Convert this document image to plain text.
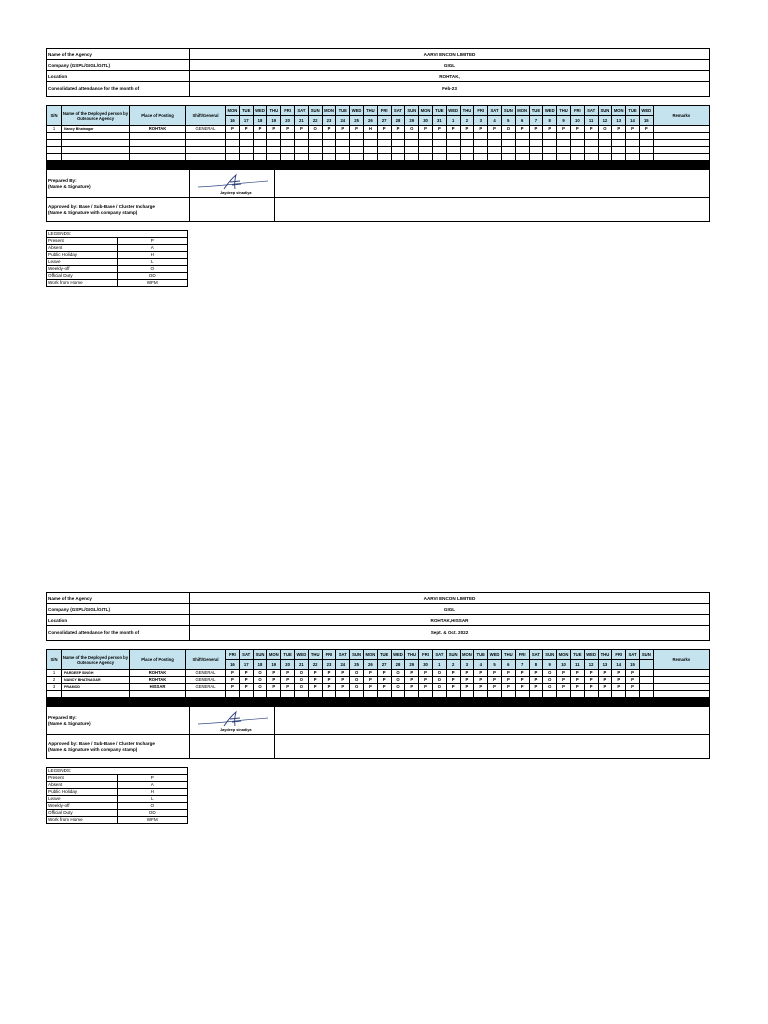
Name of the Agency	AARVI ENCON LIMITED
Company (GSPL/GIGL/GITL)	GIGL
Location	ROHTAK,
Consolidated attendance for the month of	Feb-23
S/N	Name of the Deployed person by Outsource Agency	Place of Posting	Shift/General	MON	TUE	WED	THU	FRI	SAT	SUN	MON	TUE	WED	THU	FRI	SAT	SUN	MON	TUE	WED	THU	FRI	SAT	SUN	MON	TUE	WED	THU	FRI	SAT	SUN	MON	TUE	WED	Remarks
				16	17	18	19	20	21	22	23	24	25	26	27	28	29	30	31	1	2	3	4	5	6	7	8	9	10	11	12	13	14	15	
1	Nancy Bhatnagar	ROHTAK	GENERAL	P	P	P	P	P	P	O	P	P	P	H	P	P	O	P	P	P	P	P	P	O	P	P	P	P	P	P	O	P	P	P	

Prepared By:
(Name & Signature)	Jaydeep sinadiya	

Approved by: Base / Sub-Base / Cluster Incharge
(Name & Signature with company stamp)		
LEGENDS:	
Present	P
Absent	A
Public Holiday	H
Leave	L
Weekly-off	O
Official Duty	OD
Work from Home	WFM
Name of the Agency	AARVI ENCON LIMITED
Company (GSPL/GIGL/GITL)	GIGL
Location	ROHTAK,HISSAR
Consolidated attendance for the month of	Sept. & Oct. 2022
S/N	Name of the Deployed person by Outsource Agency	Place of Posting	Shift/General	FRI	SAT	SUN	MON	TUE	WED	THU	FRI	SAT	SUN	MON	TUE	WED	THU	FRI	SAT	SUN	MON	TUE	WED	THU	FRI	SAT	SUN	MON	TUE	WED	THU	FRI	SAT	SUN	Remarks
				16	17	18	19	20	21	22	23	24	25	26	27	28	29	30	1	2	3	4	5	6	7	8	9	10	11	12	13	14	15		
1	PARDEEP SINGH	ROHTAK	GENERAL	P	P	O	P	P	O	P	P	P	O	P	P	O	P	P	O	P	P	P	P	P	P	P	O	P	P	P	P	P	P		
2	NANCY BHATNAGAR	ROHTAK	GENERAL	P	P	O	P	P	O	P	P	P	O	P	P	O	P	P	O	P	P	P	P	P	P	P	O	P	P	P	P	P	P		
3	PRAMOD	HISSAR	GENERAL	P	P	O	P	P	O	P	P	P	O	P	P	O	P	P	O	P	P	P	P	P	P	P	O	P	P	P	P	P	P		

Prepared By:
(Name & Signature)	Jaydeep sinadiya	

Approved by: Base / Sub-Base / Cluster Incharge
(Name & Signature with company stamp)		
LEGENDS:	
Present	P
Absent	A
Public Holiday	H
Leave	L
Weekly-off	O
Official Duty	OD
Work from Home	WFM
